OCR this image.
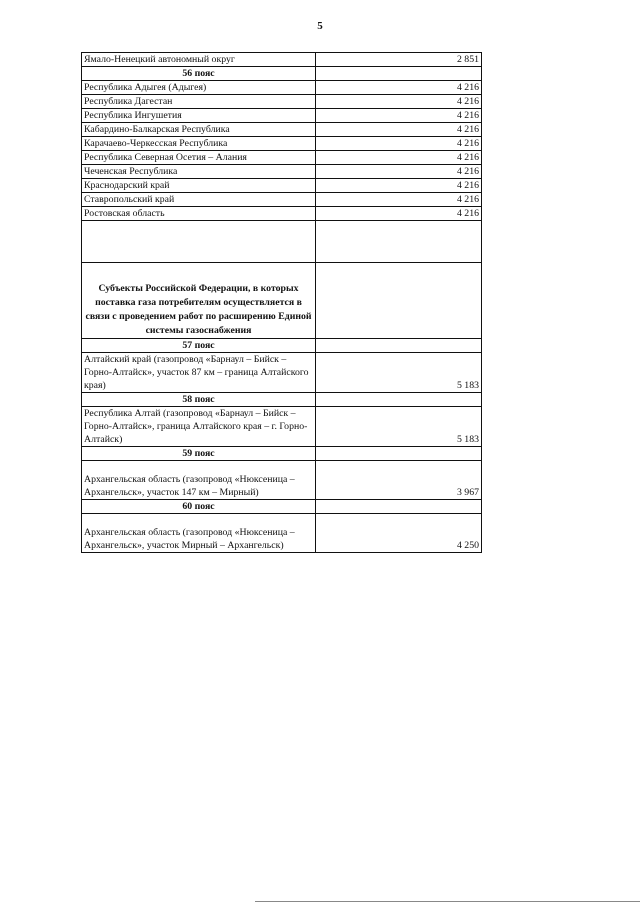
5
Ямало-Ненецкий автономный округ	2 851
56 пояс	
Республика Адыгея (Адыгея)	4 216
Республика Дагестан	4 216
Республика Ингушетия	4 216
Кабардино-Балкарская Республика	4 216
Карачаево-Черкесская Республика	4 216
Республика Северная Осетия – Алания	4 216
Чеченская Республика	4 216
Краснодарский край	4 216
Ставропольский край	4 216
Ростовская область	4 216

Субъекты Российской Федерации, в которых поставка газа потребителям осуществляется в связи с проведением работ по расширению Единой системы газоснабжения	
57 пояс	
Алтайский край (газопровод «Барнаул – Бийск – Горно-Алтайск», участок 87 км – граница Алтайского края)	5 183
58 пояс	
Республика Алтай (газопровод «Барнаул – Бийск – Горно-Алтайск», граница Алтайского края – г. Горно-Алтайск)	5 183
59 пояс	
Архангельская область (газопровод «Нюксеница – Архангельск», участок 147 км – Мирный)	3 967
60 пояс	
Архангельская область (газопровод «Нюксеница – Архангельск», участок Мирный – Архангельск)	4 250
